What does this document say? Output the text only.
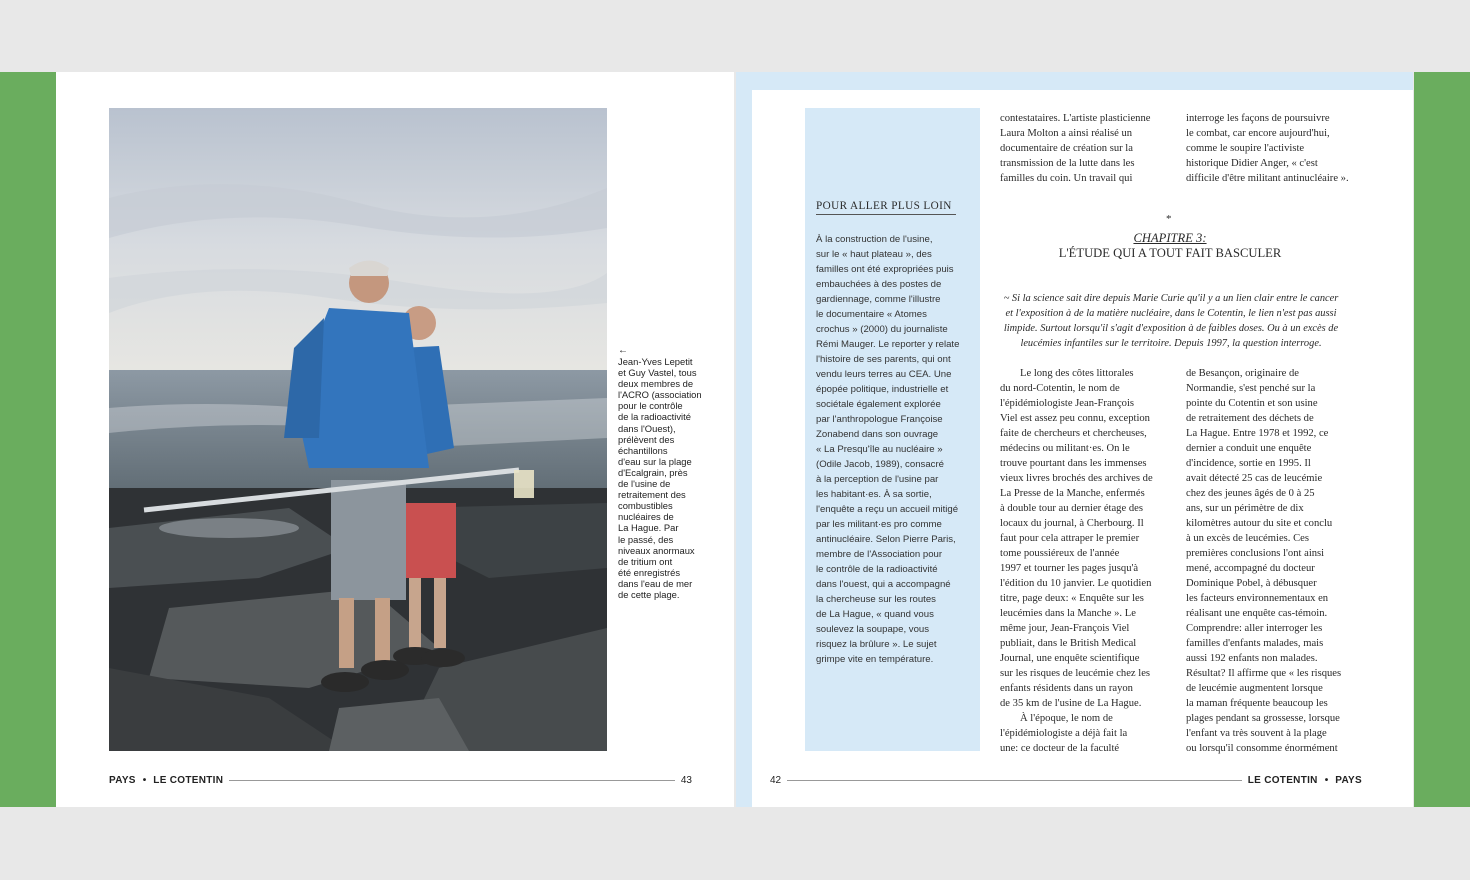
←
Jean-Yves Lepetit
et Guy Vastel, tous
deux membres de
l'ACRO (association
pour le contrôle
de la radioactivité
dans l'Ouest),
prélèvent des
échantillons
d'eau sur la plage
d'Ecalgrain, près
de l'usine de
retraitement des
combustibles
nucléaires de
La Hague. Par
le passé, des
niveaux anormaux
de tritium ont
été enregistrés
dans l'eau de mer
de cette plage.
PAYS • LE COTENTIN	43	42	LE COTENTIN • PAYS
POUR ALLER PLUS LOIN
À la construction de l'usine,
sur le « haut plateau », des
familles ont été expropriées puis
embauchées à des postes de
gardiennage, comme l'illustre
le documentaire « Atomes
crochus » (2000) du journaliste
Rémi Mauger. Le reporter y relate
l'histoire de ses parents, qui ont
vendu leurs terres au CEA. Une
épopée politique, industrielle et
sociétale également explorée
par l'anthropologue Françoise
Zonabend dans son ouvrage
« La Presqu'île au nucléaire »
(Odile Jacob, 1989), consacré
à la perception de l'usine par
les habitant·es. À sa sortie,
l'enquête a reçu un accueil mitigé
par les militant·es pro comme
antinucléaire. Selon Pierre Paris,
membre de l'Association pour
le contrôle de la radioactivité
dans l'ouest, qui a accompagné
la chercheuse sur les routes
de La Hague, « quand vous
soulevez la soupape, vous
risquez la brûlure ». Le sujet
grimpe vite en température.
contestataires. L'artiste plasticienne
Laura Molton a ainsi réalisé un
documentaire de création sur la
transmission de la lutte dans les
familles du coin. Un travail qui
interroge les façons de poursuivre
le combat, car encore aujourd'hui,
comme le soupire l'activiste
historique Didier Anger, « c'est
difficile d'être militant antinucléaire ».
*
CHAPITRE 3:
L'ÉTUDE QUI A TOUT FAIT BASCULER
~ Si la science sait dire depuis Marie Curie qu'il y a un lien clair entre le cancer
et l'exposition à de la matière nucléaire, dans le Cotentin, le lien n'est pas aussi
limpide. Surtout lorsqu'il s'agit d'exposition à de faibles doses. Ou à un excès de
leucémies infantiles sur le territoire. Depuis 1997, la question interroge.
Le long des côtes littorales
du nord-Cotentin, le nom de
l'épidémiologiste Jean-François
Viel est assez peu connu, exception
faite de chercheurs et chercheuses,
médecins ou militant·es. On le
trouve pourtant dans les immenses
vieux livres brochés des archives de
La Presse de la Manche, enfermés
à double tour au dernier étage des
locaux du journal, à Cherbourg. Il
faut pour cela attraper le premier
tome poussiéreux de l'année
1997 et tourner les pages jusqu'à
l'édition du 10 janvier. Le quotidien
titre, page deux: « Enquête sur les
leucémies dans la Manche ». Le
même jour, Jean-François Viel
publiait, dans le British Medical
Journal, une enquête scientifique
sur les risques de leucémie chez les
enfants résidents dans un rayon
de 35 km de l'usine de La Hague.
À l'époque, le nom de
l'épidémiologiste a déjà fait la
une: ce docteur de la faculté
de Besançon, originaire de
Normandie, s'est penché sur la
pointe du Cotentin et son usine
de retraitement des déchets de
La Hague. Entre 1978 et 1992, ce
dernier a conduit une enquête
d'incidence, sortie en 1995. Il
avait détecté 25 cas de leucémie
chez des jeunes âgés de 0 à 25
ans, sur un périmètre de dix
kilomètres autour du site et conclu
à un excès de leucémies. Ces
premières conclusions l'ont ainsi
mené, accompagné du docteur
Dominique Pobel, à débusquer
les facteurs environnementaux en
réalisant une enquête cas-témoin.
Comprendre: aller interroger les
familles d'enfants malades, mais
aussi 192 enfants non malades.
Résultat? Il affirme que « les risques
de leucémie augmentent lorsque
la maman fréquente beaucoup les
plages pendant sa grossesse, lorsque
l'enfant va très souvent à la plage
ou lorsqu'il consomme énormément
